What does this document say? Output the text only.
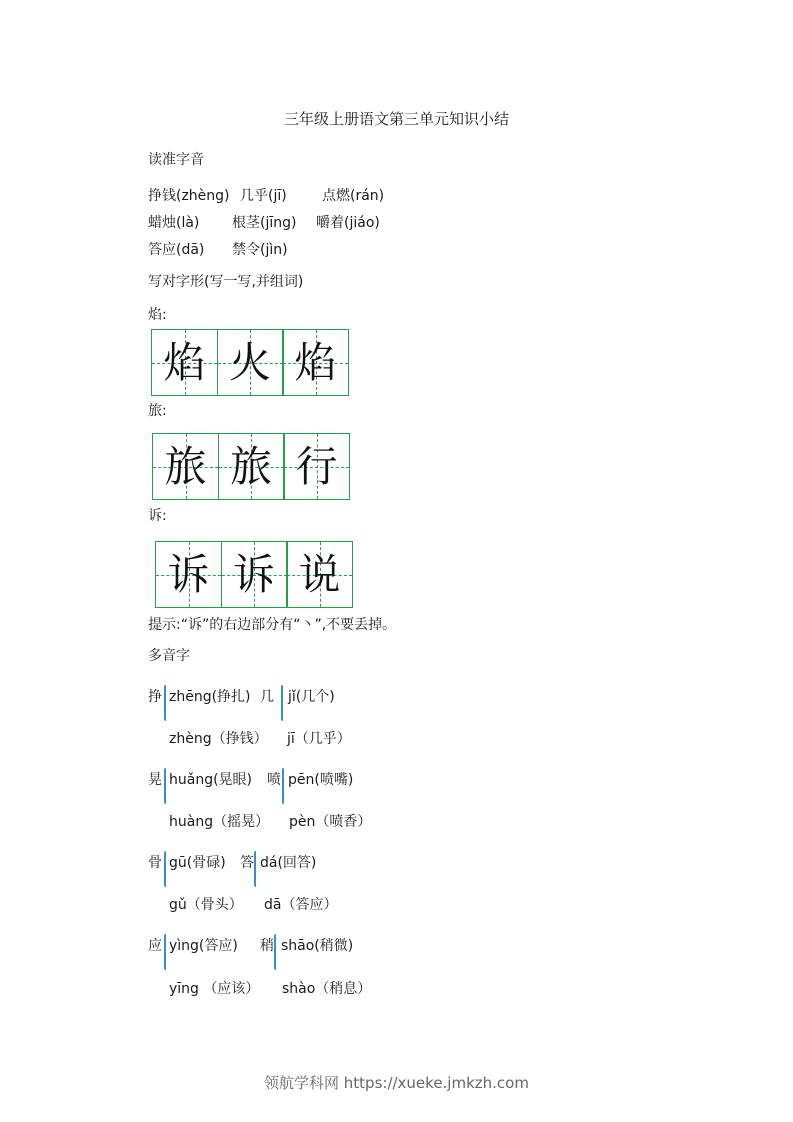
三年级上册语文第三单元知识小结
读准字音
挣钱(zhèng) 几乎(jī)	点燃(rán)
蜡烛(là) 根茎(jīng) 嚼着(jiáo)
答应(dā) 禁令(jìn)
写对字形(写一写,并组词)
焰:
焰 火 焰
旅:
旅 旅 行
诉:
诉 诉 说
提示:“诉”的右边部分有“丶”,不要丢掉。
多音字
挣 zhēng(挣扎)
zhèng（挣钱）
几 jǐ(几个)
jī（几乎）
晃 huǎng(晃眼)
huàng（摇晃）
喷 pēn(喷嘴)
pèn（喷香）
骨 gū(骨碌)
gǔ（骨头）
答 dá(回答)
dā（答应）
应 yìng(答应)
yīng （应该）
稍 shāo(稍微)
shào（稍息）
领航学科网 https://xueke.jmkzh.com
